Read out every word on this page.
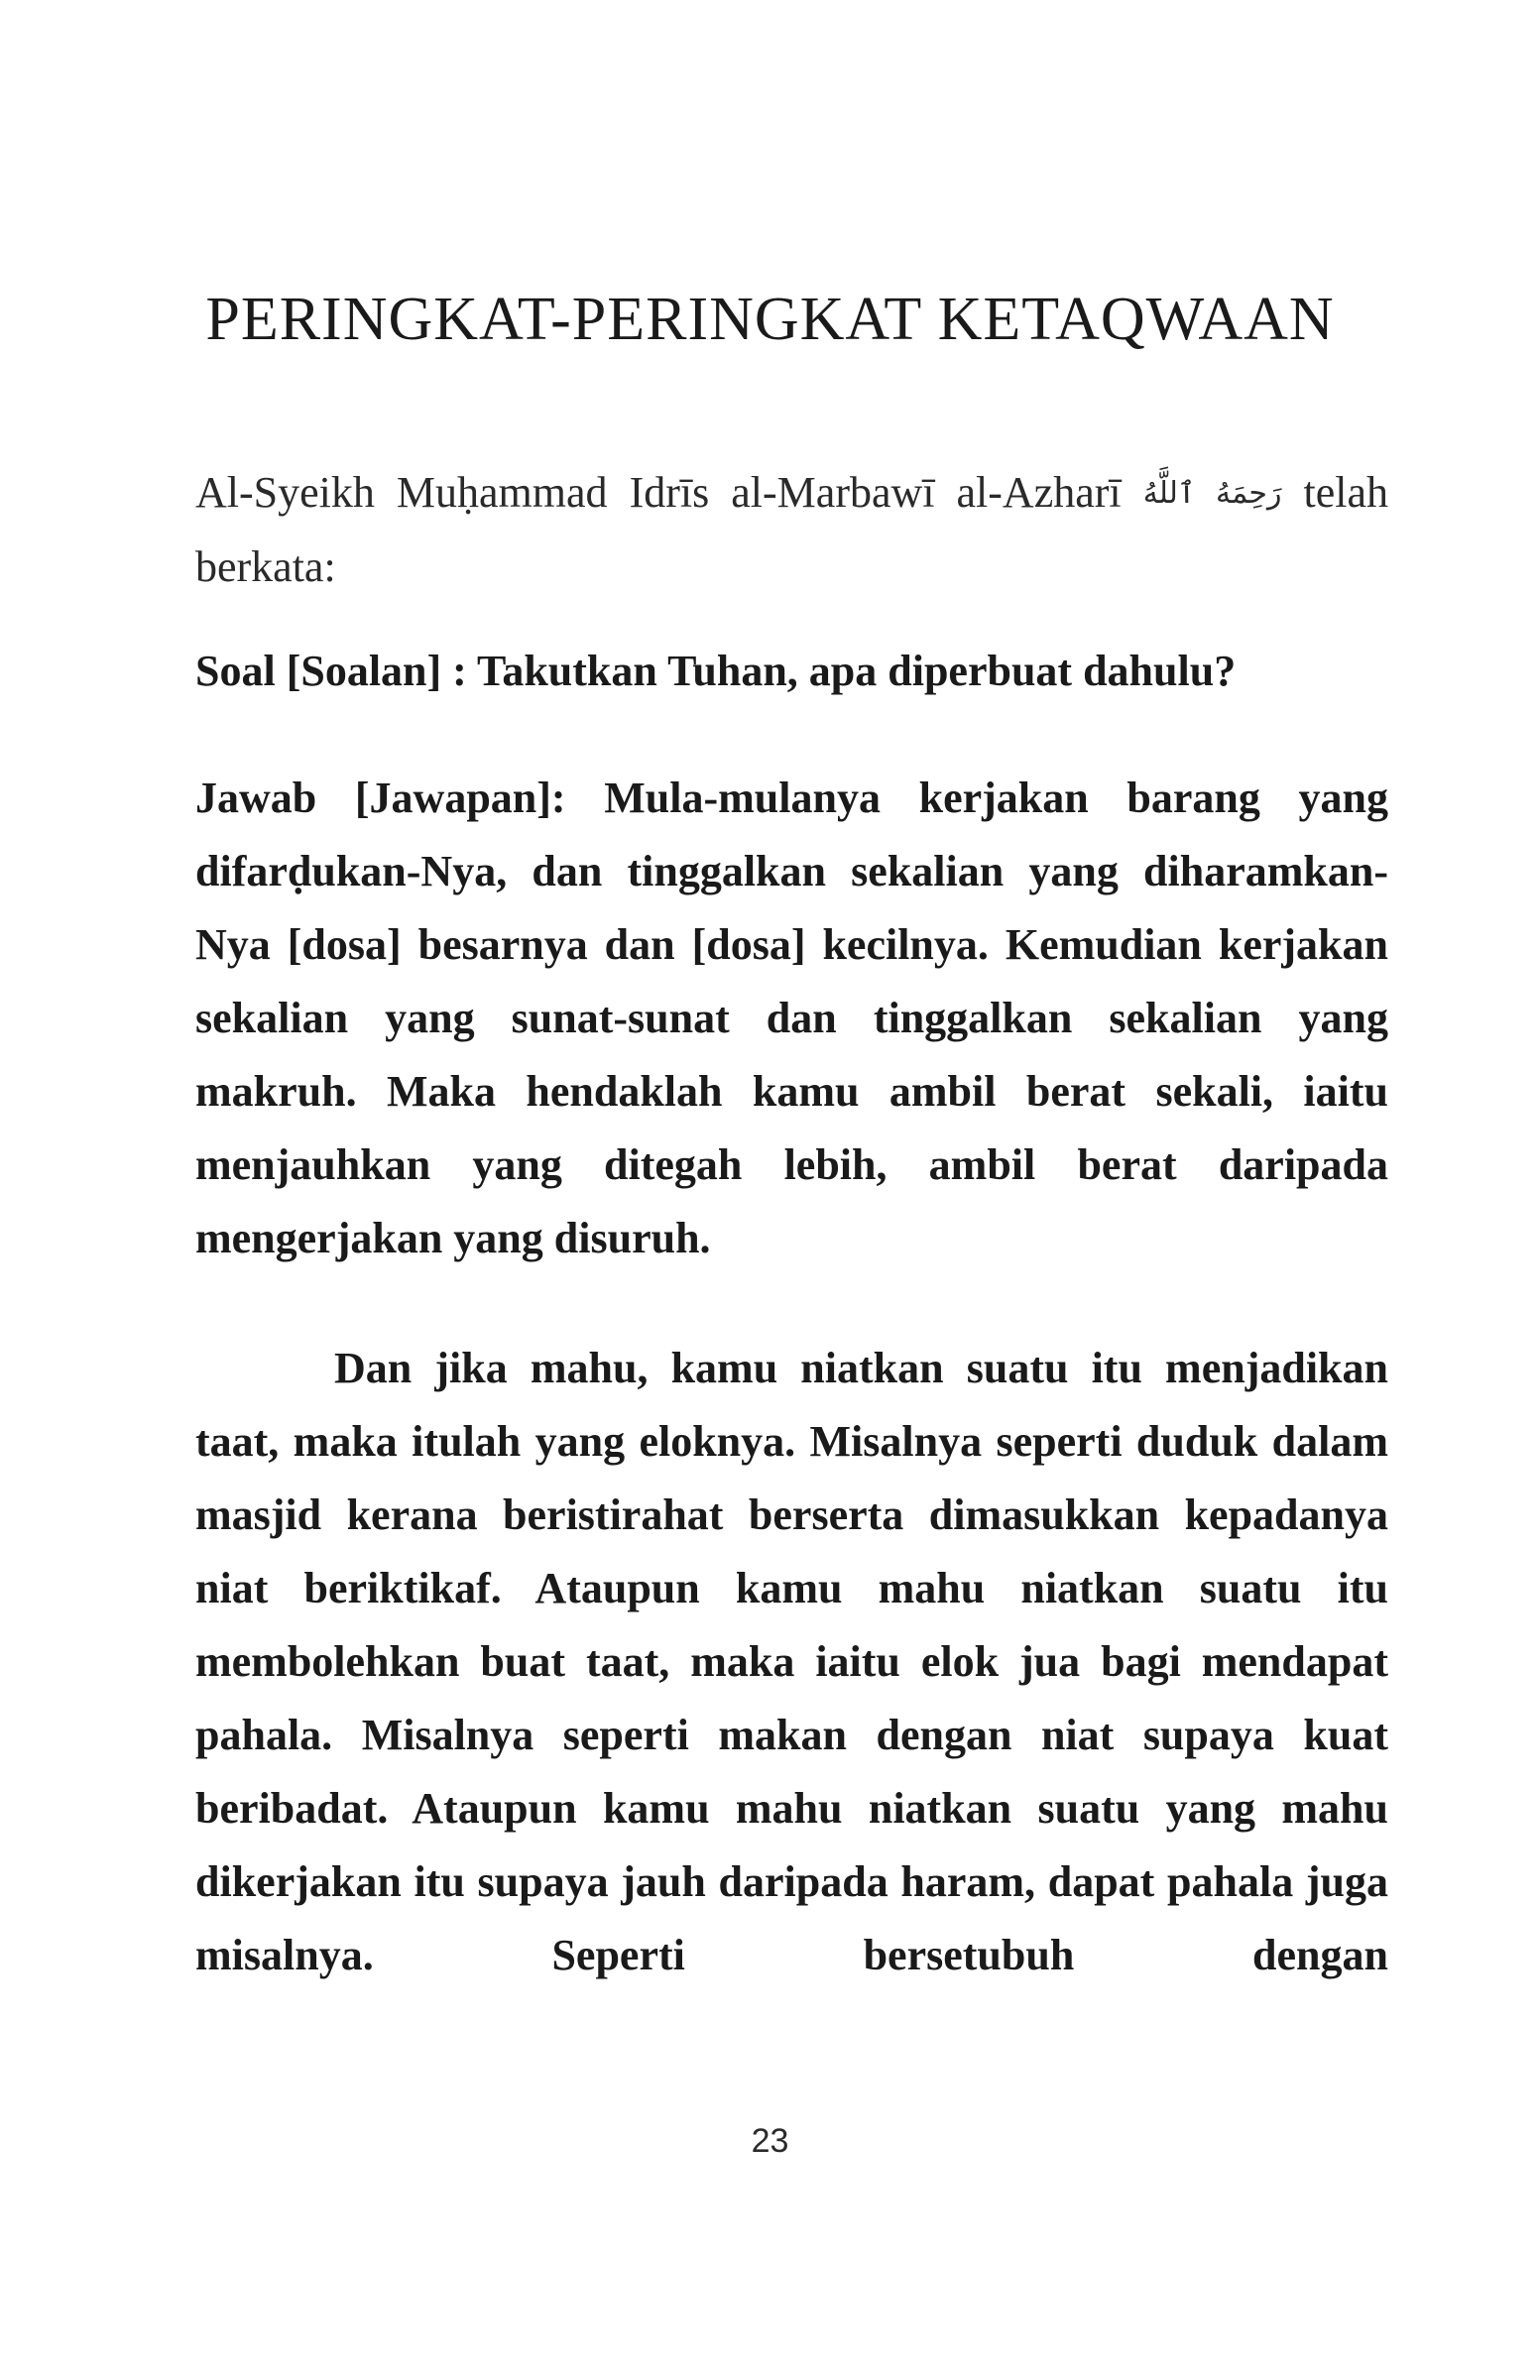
PERINGKAT-PERINGKAT KETAQWAAN

Al-Syeikh Muḥammad Idrīs al-Marbawī al-Azharī رَحِمَهُ ٱللَّهُ telah berkata:

Soal [Soalan] : Takutkan Tuhan, apa diperbuat dahulu?

Jawab [Jawapan]: Mula-mulanya kerjakan barang yang difarḍukan-Nya, dan tinggalkan sekalian yang diharamkan-Nya [dosa] besarnya dan [dosa] kecilnya. Kemudian kerjakan sekalian yang sunat-sunat dan tinggalkan sekalian yang makruh. Maka hendaklah kamu ambil berat sekali, iaitu menjauhkan yang ditegah lebih, ambil berat daripada mengerjakan yang disuruh.

Dan jika mahu, kamu niatkan suatu itu menjadikan taat, maka itulah yang eloknya. Misalnya seperti duduk dalam masjid kerana beristirahat berserta dimasukkan kepadanya niat beriktikaf. Ataupun kamu mahu niatkan suatu itu membolehkan buat taat, maka iaitu elok jua bagi mendapat pahala. Misalnya seperti makan dengan niat supaya kuat beribadat. Ataupun kamu mahu niatkan suatu yang mahu dikerjakan itu supaya jauh daripada haram, dapat pahala juga misalnya. Seperti bersetubuh dengan

23
